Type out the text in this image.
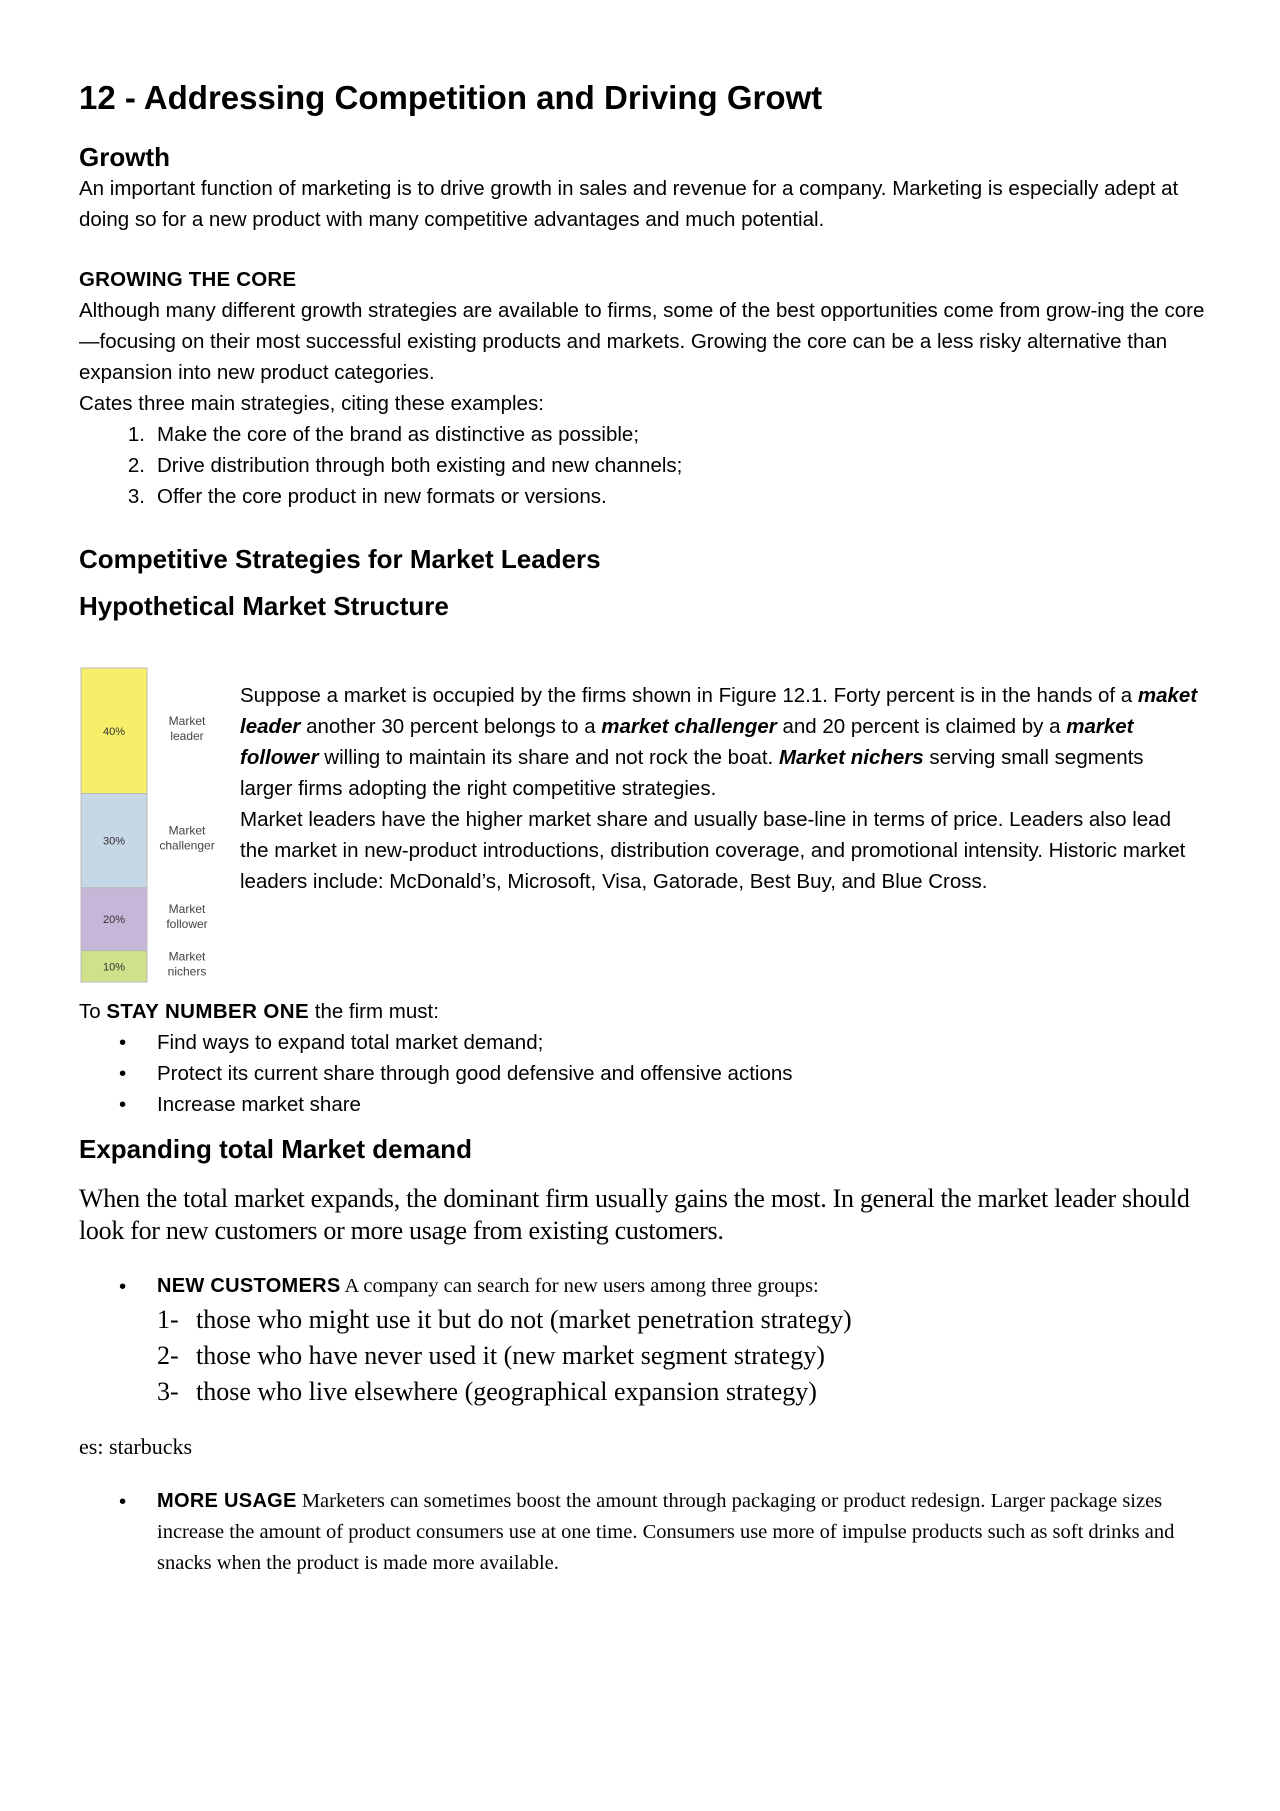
12 - Addressing Competition and Driving Growt
Growth

An important function of marketing is to drive growth in sales and revenue for a company. Marketing is especially adept at doing so for a new product with many competitive advantages and much potential.

GROWING THE CORE

Although many different growth strategies are available to firms, some of the best opportunities come from grow-ing the core—focusing on their most successful existing products and markets. Growing the core can be a less risky alternative than expansion into new product categories.

Cates three main strategies, citing these examples:

1. Make the core of the brand as distinctive as possible;
2. Drive distribution through both existing and new channels;
3. Offer the core product in new formats or versions.
Competitive Strategies for Market Leaders
Hypothetical Market Structure
40%
Market
leader
30%
Market
challenger
20%
Market
follower
10%
Market
nichers

Suppose a market is occupied by the firms shown in Figure 12.1. Forty percent is in the hands of a maket leader another 30 percent belongs to a market challenger and 20 percent is claimed by a market follower willing to maintain its share and not rock the boat. Market nichers serving small segments larger firms adopting the right competitive strategies.

Market leaders have the higher market share and usually base-line in terms of price. Leaders also lead the market in new-product introductions, distribution coverage, and promotional intensity. Historic market leaders include: McDonald’s, Microsoft, Visa, Gatorade, Best Buy, and Blue Cross.

To STAY NUMBER ONE the firm must:

• Find ways to expand total market demand;
• Protect its current share through good defensive and offensive actions
• Increase market share
Expanding total Market demand

When the total market expands, the dominant firm usually gains the most. In general the market leader should look for new customers or more usage from existing customers.

• NEW CUSTOMERS A company can search for new users among three groups:
1- those who might use it but do not (market penetration strategy)
2- those who have never used it (new market segment strategy)
3- those who live elsewhere (geographical expansion strategy)

es: starbucks

• MORE USAGE Marketers can sometimes boost the amount through packaging or product redesign. Larger package sizes increase the amount of product consumers use at one time. Consumers use more of impulse products such as soft drinks and snacks when the product is made more available.
